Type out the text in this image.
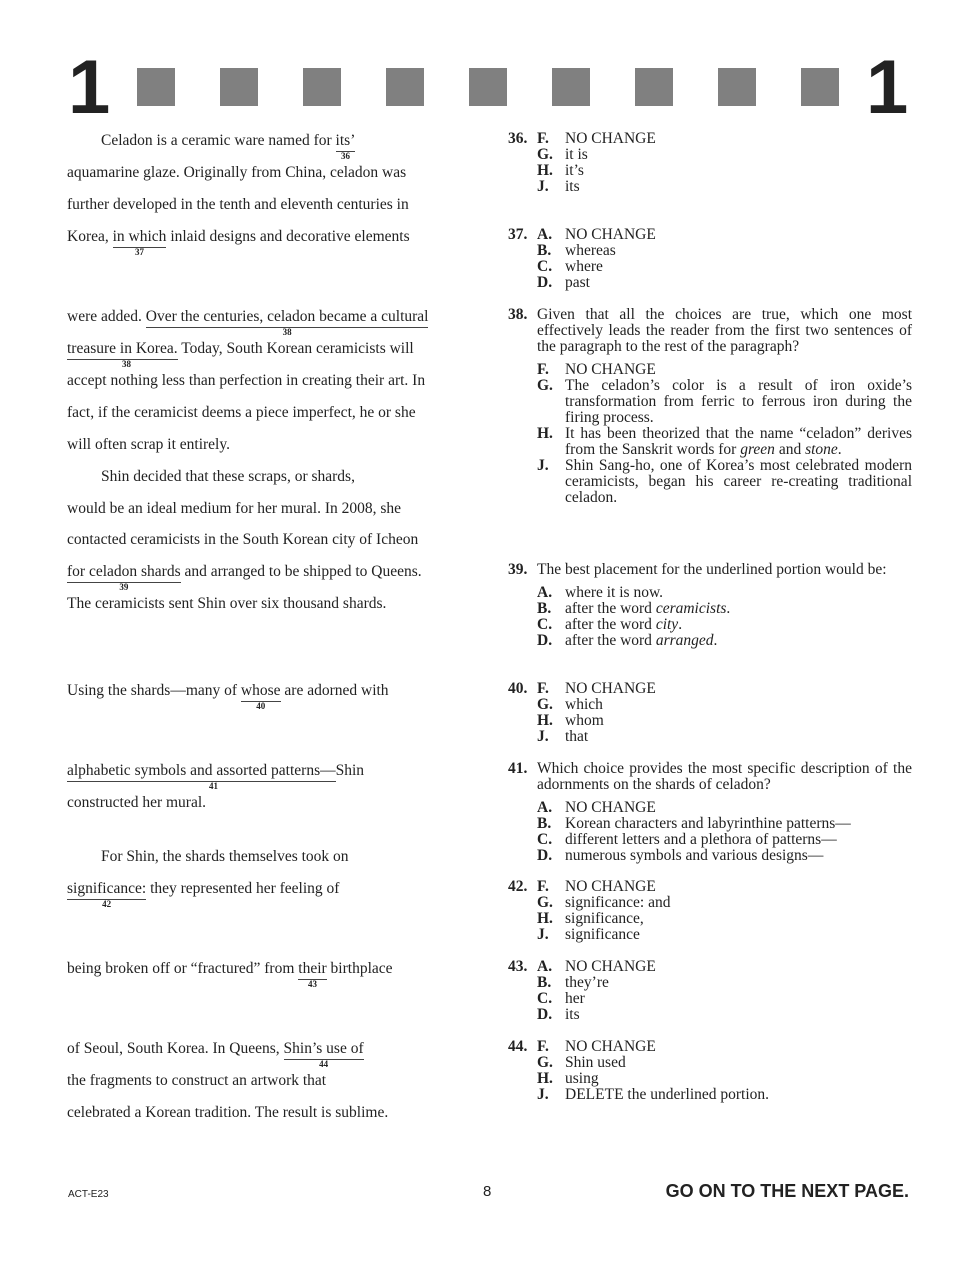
1	1
Celadon is a ceramic ware named for its’
36
aquamarine glaze. Originally from China, celadon was
further developed in the tenth and eleventh centuries in
Korea, in which
37
inlaid designs and decorative elements
were added. Over the centuries, celadon became a cultural
38
treasure in Korea.
38
Today, South Korean ceramicists will
accept nothing less than perfection in creating their art. In
fact, if the ceramicist deems a piece imperfect, he or she
will often scrap it entirely.
Shin decided that these scraps, or shards,
would be an ideal medium for her mural. In 2008, she
contacted ceramicists in the South Korean city of Icheon
for celadon shards
39
and arranged to be shipped to Queens.
The ceramicists sent Shin over six thousand shards.
Using the shards—many of whose
40
are adorned with
alphabetic symbols and assorted patterns—
41
Shin
constructed her mural.
For Shin, the shards themselves took on
significance:
42
they represented her feeling of
being broken off or “fractured” from their
43
birthplace
of Seoul, South Korea. In Queens, Shin’s use of
44
the fragments to construct an artwork that
celebrated a Korean tradition. The result is sublime.
36. F. NO CHANGE
G. it is
H. it’s
J. its
37. A. NO CHANGE
B. whereas
C. where
D. past
38. Given that all the choices are true, which one most effectively leads the reader from the first two sentences of the paragraph to the rest of the paragraph?
F. NO CHANGE
G. The celadon’s color is a result of iron oxide’s transformation from ferric to ferrous iron during the firing process.
H. It has been theorized that the name “celadon” derives from the Sanskrit words for green and stone.
J. Shin Sang-ho, one of Korea’s most celebrated modern ceramicists, began his career re-creating traditional celadon.
39. The best placement for the underlined portion would be:
A. where it is now.
B. after the word ceramicists.
C. after the word city.
D. after the word arranged.
40. F. NO CHANGE
G. which
H. whom
J. that
41. Which choice provides the most specific description of the adornments on the shards of celadon?
A. NO CHANGE
B. Korean characters and labyrinthine patterns—
C. different letters and a plethora of patterns—
D. numerous symbols and various designs—
42. F. NO CHANGE
G. significance: and
H. significance,
J. significance
43. A. NO CHANGE
B. they’re
C. her
D. its
44. F. NO CHANGE
G. Shin used
H. using
J. DELETE the underlined portion.
ACT-E23	8	GO ON TO THE NEXT PAGE.
